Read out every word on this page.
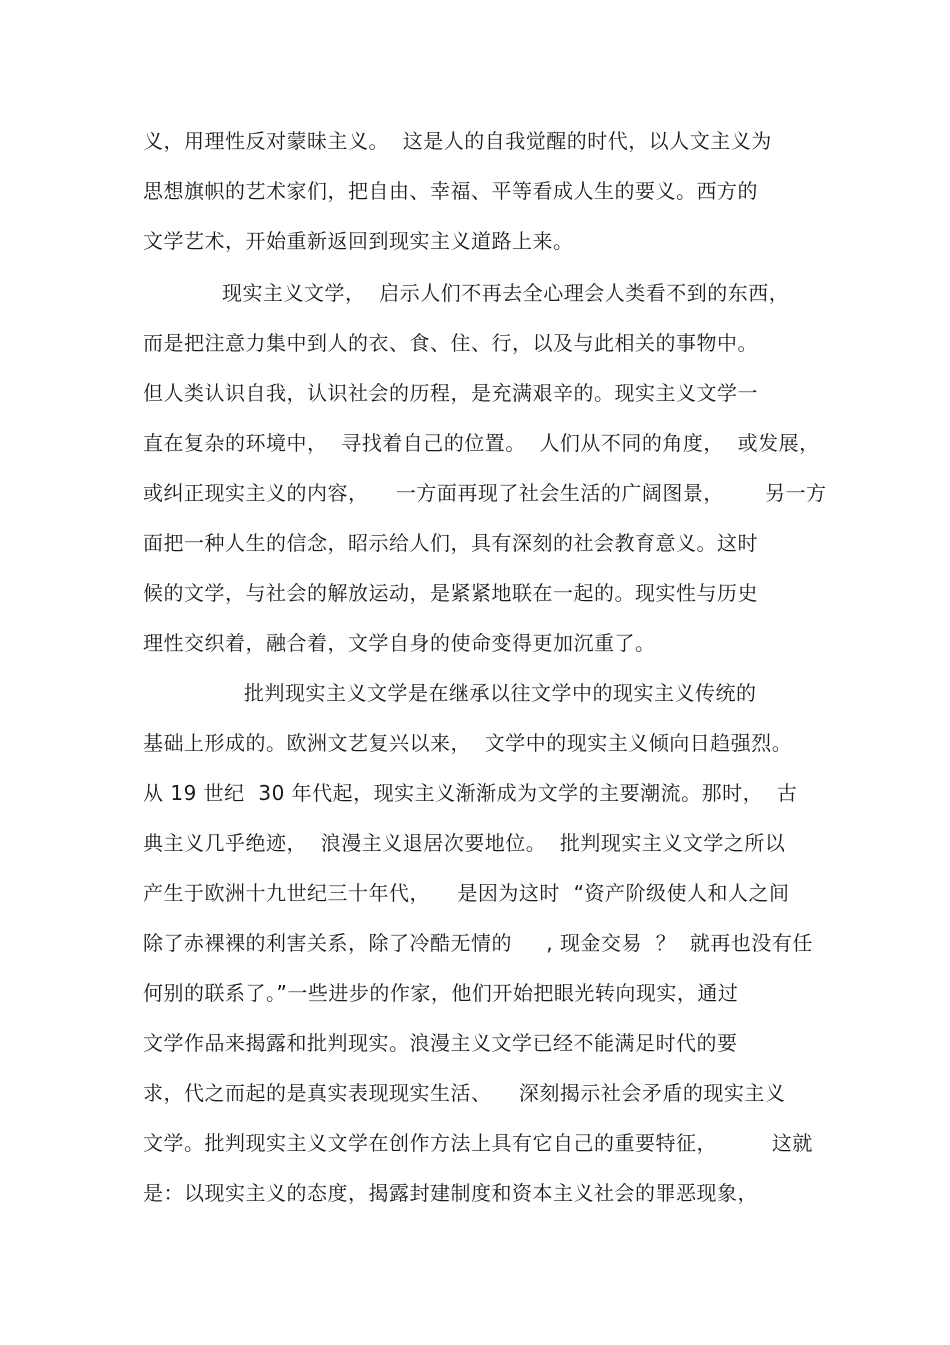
义，用理性反对蒙昧主义。  这是人的自我觉醒的时代，以人文主义为
思想旗帜的艺术家们，把自由、幸福、平等看成人生的要义。西方的
文学艺术，开始重新返回到现实主义道路上来。
现实主义文学，  启示人们不再去全心理会人类看不到的东西，
而是把注意力集中到人的衣、食、住、行，以及与此相关的事物中。
但人类认识自我，认识社会的历程，是充满艰辛的。现实主义文学一
直在复杂的环境中，  寻找着自己的位置。  人们从不同的角度，  或发展，
或纠正现实主义的内容，    一方面再现了社会生活的广阔图景，      另一方
面把一种人生的信念，昭示给人们，具有深刻的社会教育意义。这时
候的文学，与社会的解放运动，是紧紧地联在一起的。现实性与历史
理性交织着，融合着，文学自身的使命变得更加沉重了。
批判现实主义文学是在继承以往文学中的现实主义传统的
基础上形成的。欧洲文艺复兴以来，  文学中的现实主义倾向日趋强烈。
从 19 世纪  30 年代起，现实主义渐渐成为文学的主要潮流。那时，  古
典主义几乎绝迹，  浪漫主义退居次要地位。  批判现实主义文学之所以
产生于欧洲十九世纪三十年代，    是因为这时  “资产阶级使人和人之间
除了赤裸裸的利害关系，除了冷酷无情的     , 现金交易  ？  就再也没有任
何别的联系了。”一些进步的作家，他们开始把眼光转向现实，通过
文学作品来揭露和批判现实。浪漫主义文学已经不能满足时代的要
求，代之而起的是真实表现现实生活、    深刻揭示社会矛盾的现实主义
文学。批判现实主义文学在创作方法上具有它自己的重要特征，        这就
是：以现实主义的态度，揭露封建制度和资本主义社会的罪恶现象，
